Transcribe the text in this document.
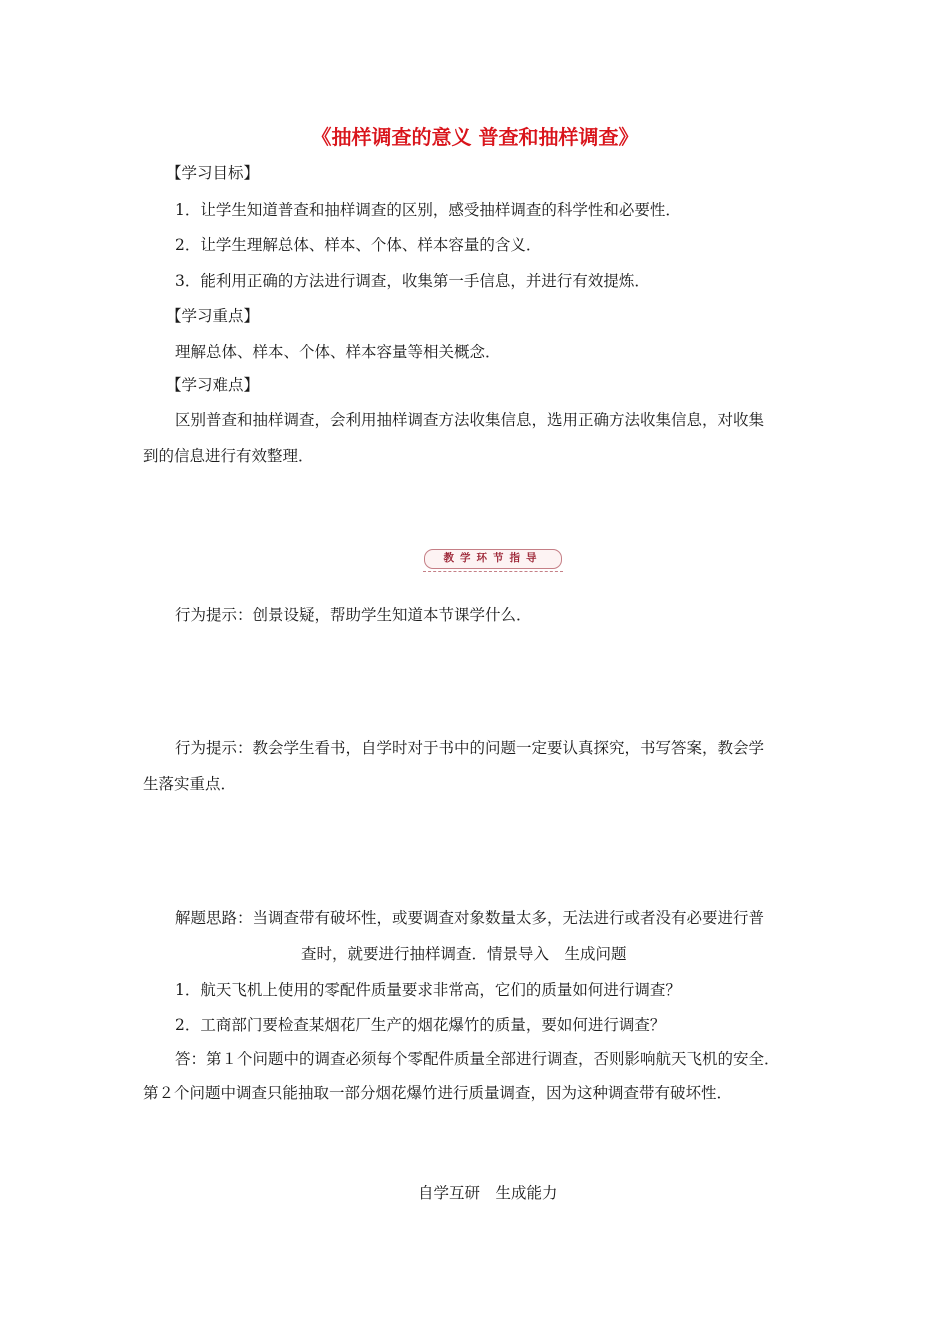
《抽样调查的意义 普查和抽样调查》
【学习目标】
1．让学生知道普查和抽样调查的区别，感受抽样调查的科学性和必要性．
2．让学生理解总体、样本、个体、样本容量的含义．
3．能利用正确的方法进行调查，收集第一手信息，并进行有效提炼．
【学习重点】
理解总体、样本、个体、样本容量等相关概念．
【学习难点】
区别普查和抽样调查，会利用抽样调查方法收集信息，选用正确方法收集信息，对收集
到的信息进行有效整理．
教学环节指导
行为提示：创景设疑，帮助学生知道本节课学什么．
行为提示：教会学生看书，自学时对于书中的问题一定要认真探究，书写答案，教会学
生落实重点．
解题思路：当调查带有破坏性，或要调查对象数量太多，无法进行或者没有必要进行普
查时，就要进行抽样调查．情景导入　生成问题
1．航天飞机上使用的零配件质量要求非常高，它们的质量如何进行调查？
2．工商部门要检查某烟花厂生产的烟花爆竹的质量，要如何进行调查？
答：第１个问题中的调查必须每个零配件质量全部进行调查，否则影响航天飞机的安全．
第２个问题中调查只能抽取一部分烟花爆竹进行质量调查，因为这种调查带有破坏性．
自学互研　生成能力
